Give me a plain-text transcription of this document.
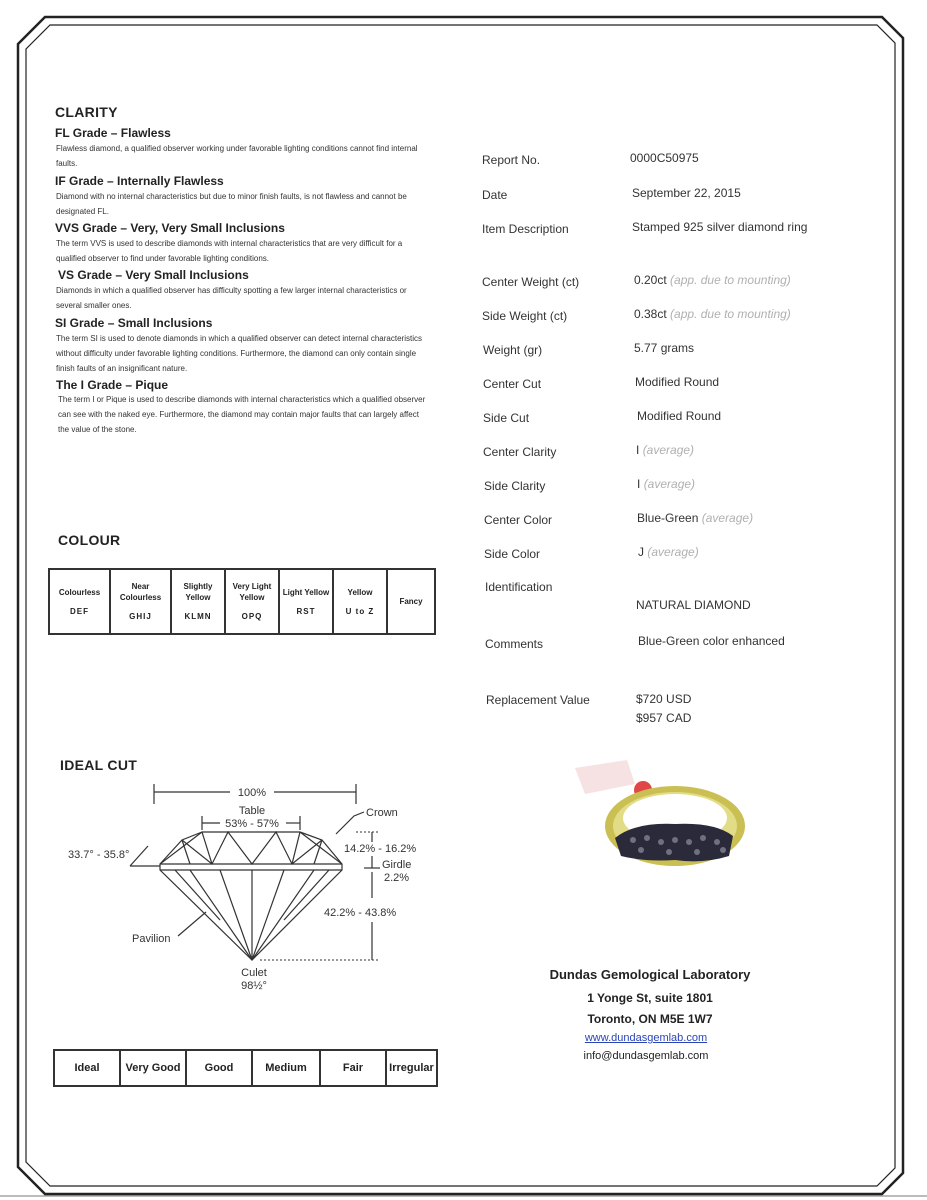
CLARITY
FL Grade – Flawless
Flawless diamond, a qualified observer working under favorable lighting conditions cannot find internal faults.
IF Grade – Internally Flawless
Diamond with no internal characteristics but due to minor finish faults, is not flawless and cannot be designated FL.
VVS Grade – Very, Very Small Inclusions
The term VVS is used to describe diamonds with internal characteristics that are very difficult for a qualified observer to find under favorable lighting conditions.
VS Grade – Very Small Inclusions
Diamonds in which a qualified observer has difficulty spotting a few larger internal characteristics or several smaller ones.
SI Grade – Small Inclusions
The term SI is used to denote diamonds in which a qualified observer can detect internal characteristics without difficulty under favorable lighting conditions. Furthermore, the diamond can only contain single finish faults of an insignificant nature.
The I Grade – Pique
The term I or Pique is used to describe diamonds with internal characteristics which a qualified observer can see with the naked eye. Furthermore, the diamond may contain major faults that can largely affect the value of the stone.
COLOUR
Colourless
DEF
	Near Colourless
GHIJ
	Slightly Yellow
KLMN
	Very Light Yellow
OPQ
	Light Yellow
RST
	Yellow
U to Z
	Fancy
IDEAL CUT
100%
Table
53% - 57%
Crown
33.7° - 35.8°	14.2% - 16.2%
Girdle
2.2%
42.2% - 43.8%
Pavilion
Culet
98½°
Ideal	Very Good	Good	Medium	Fair	Irregular
Report No.	0000C50975
Date	September 22, 2015
Item Description	Stamped 925 silver diamond ring
Center Weight (ct)	0.20ct (app. due to mounting)
Side Weight (ct)	0.38ct (app. due to mounting)
Weight (gr)	5.77 grams
Center Cut	Modified Round
Side Cut	Modified Round
Center Clarity	I (average)
Side Clarity	I (average)
Center Color	Blue-Green (average)
Side Color	J (average)
Identification
NATURAL DIAMOND
Comments	Blue-Green color enhanced
Replacement Value	$720 USD
$957 CAD
Dundas Gemological Laboratory
1 Yonge St, suite 1801
Toronto, ON M5E 1W7
www.dundasgemlab.com
info@dundasgemlab.com
